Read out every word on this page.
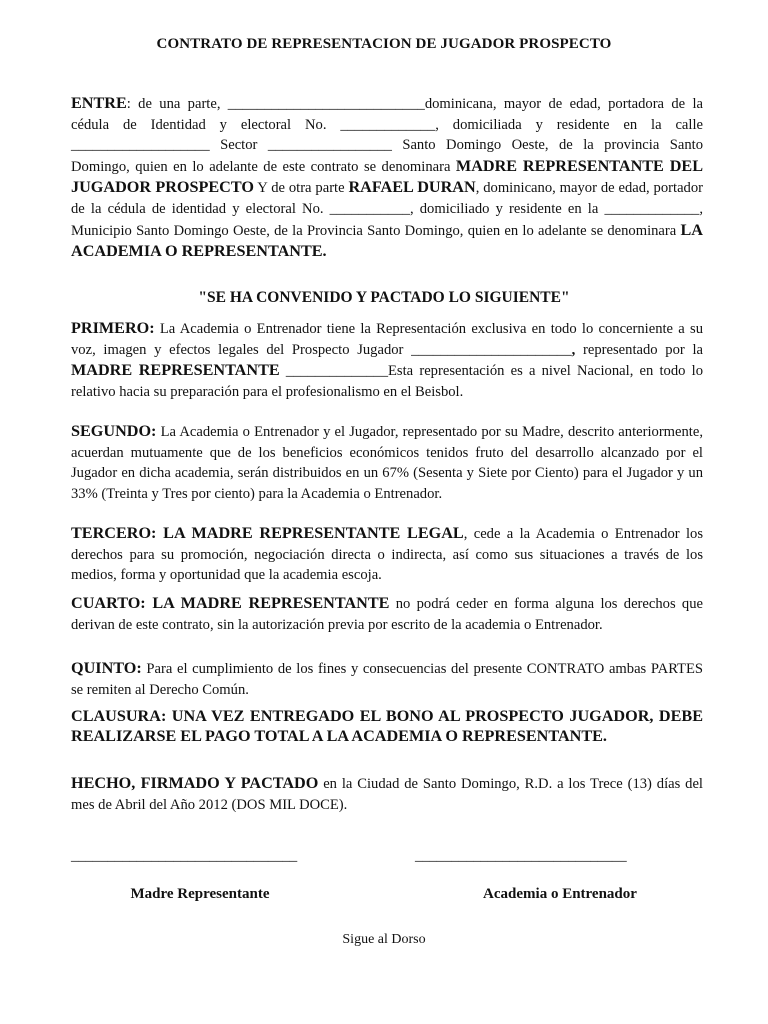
CONTRATO DE REPRESENTACION DE JUGADOR PROSPECTO
ENTRE: de una parte, ___________________________dominicana, mayor de edad, portadora de la cédula de Identidad y electoral No. _____________, domiciliada y residente en la calle ___________________ Sector _________________ Santo Domingo Oeste, de la provincia Santo Domingo, quien en lo adelante de este contrato se denominara MADRE REPRESENTANTE DEL JUGADOR PROSPECTO Y de otra parte RAFAEL DURAN, dominicano, mayor de edad, portador de la cédula de identidad y electoral No. ___________, domiciliado y residente en la _____________, Municipio Santo Domingo Oeste, de la Provincia Santo Domingo, quien en lo adelante se denominara LA ACADEMIA O REPRESENTANTE.
"SE HA CONVENIDO Y PACTADO LO SIGUIENTE"
PRIMERO: La Academia o Entrenador tiene la Representación exclusiva en todo lo concerniente a su voz, imagen y efectos legales del Prospecto Jugador ______________________, representado por la MADRE REPRESENTANTE ______________Esta representación es a nivel Nacional, en todo lo relativo hacia su preparación para el profesionalismo en el Beisbol.
SEGUNDO: La Academia o Entrenador y el Jugador, representado por su Madre, descrito anteriormente, acuerdan mutuamente que de los beneficios económicos tenidos fruto del desarrollo alcanzado por el Jugador en dicha academia, serán distribuidos en un 67% (Sesenta y Siete por Ciento) para el Jugador y un 33% (Treinta y Tres por ciento) para la Academia o Entrenador.
TERCERO: LA MADRE REPRESENTANTE LEGAL, cede a la Academia o Entrenador los derechos para su promoción, negociación directa o indirecta, así como sus situaciones a través de los medios, forma y oportunidad que la academia escoja.
CUARTO: LA MADRE REPRESENTANTE no podrá ceder en forma alguna los derechos que derivan de este contrato, sin la autorización previa por escrito de la academia o Entrenador.
QUINTO: Para el cumplimiento de los fines y consecuencias del presente CONTRATO ambas PARTES se remiten al Derecho Común.
CLAUSURA: UNA VEZ ENTREGADO EL BONO AL PROSPECTO JUGADOR, DEBE REALIZARSE EL PAGO TOTAL A LA ACADEMIA O REPRESENTANTE.
HECHO, FIRMADO Y PACTADO en la Ciudad de Santo Domingo, R.D. a los Trece (13) días del mes de Abril del Año 2012 (DOS MIL DOCE).
_______________________________	_____________________________
Madre Representante	Academia o Entrenador
Sigue al Dorso
